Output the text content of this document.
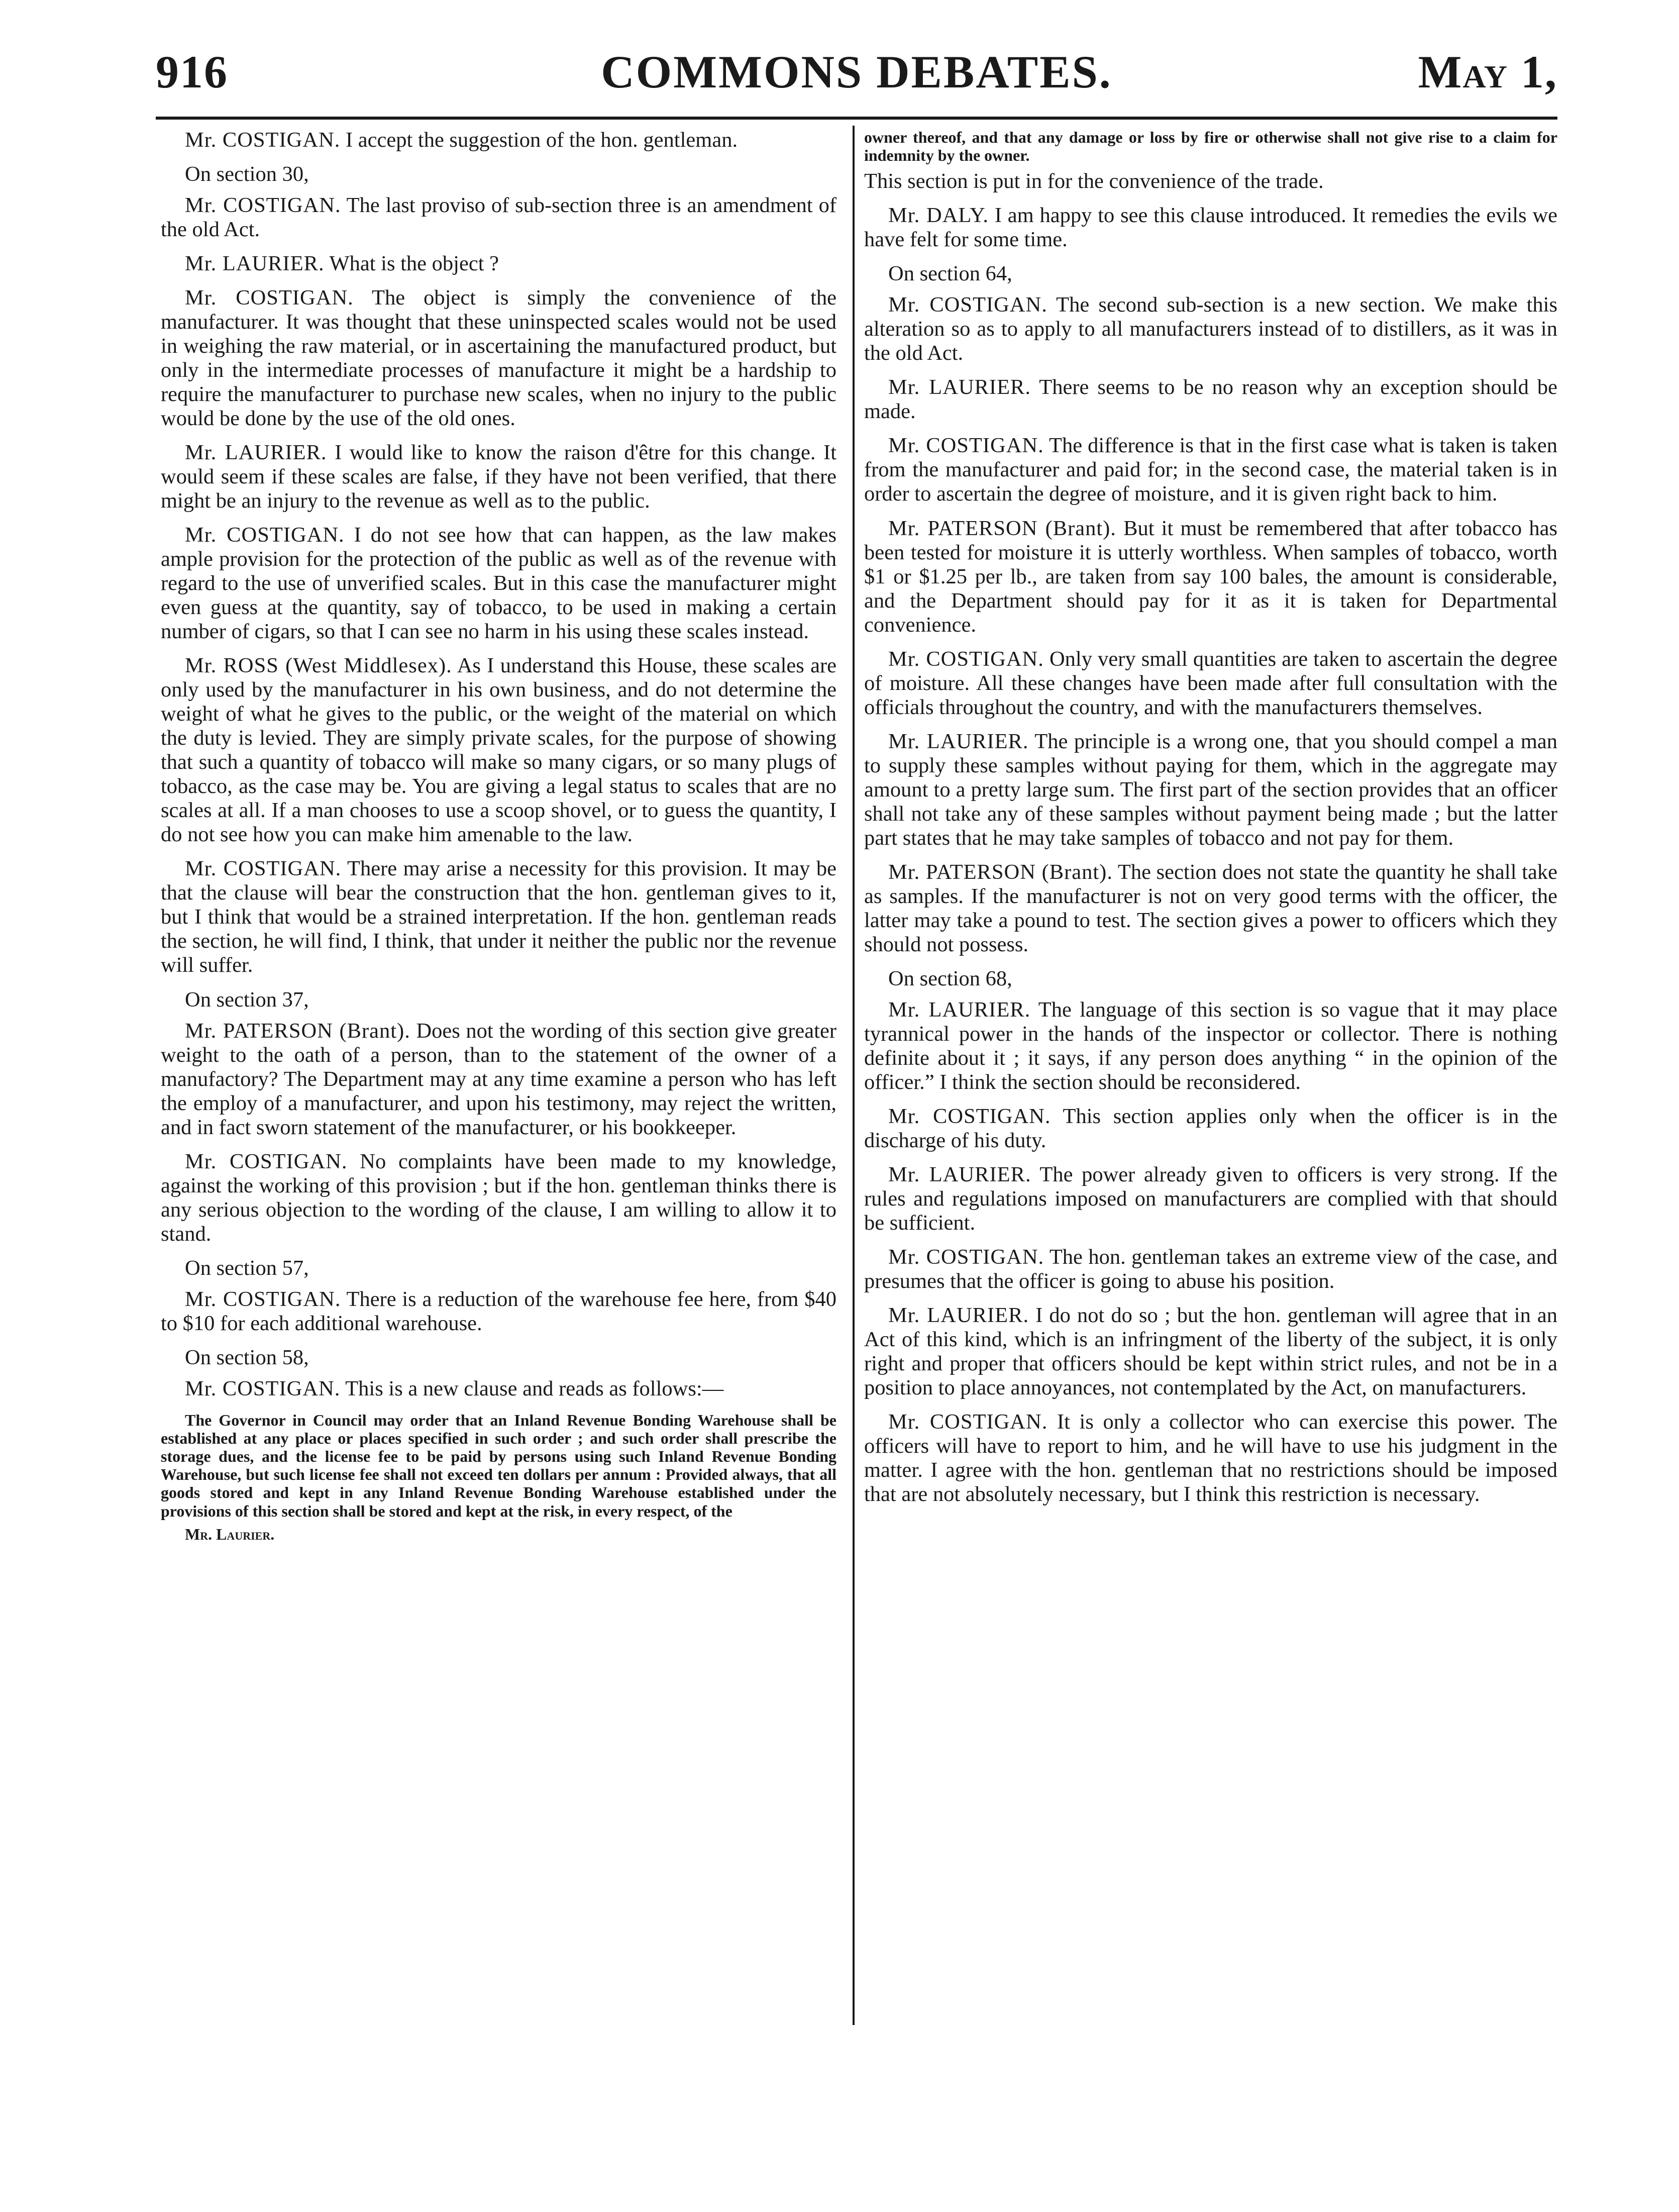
916	COMMONS DEBATES.	May 1,

Mr. COSTIGAN. I accept the suggestion of the hon. gentleman.

On section 30,

Mr. COSTIGAN. The last proviso of sub-section three is an amendment of the old Act.

Mr. LAURIER. What is the object ?

Mr. COSTIGAN. The object is simply the convenience of the manufacturer. It was thought that these uninspected scales would not be used in weighing the raw material, or in ascertaining the manufactured product, but only in the intermediate processes of manufacture it might be a hardship to require the manufacturer to purchase new scales, when no injury to the public would be done by the use of the old ones.

Mr. LAURIER. I would like to know the raison d'être for this change. It would seem if these scales are false, if they have not been verified, that there might be an injury to the revenue as well as to the public.

Mr. COSTIGAN. I do not see how that can happen, as the law makes ample provision for the protection of the public as well as of the revenue with regard to the use of unverified scales. But in this case the manufacturer might even guess at the quantity, say of tobacco, to be used in making a certain number of cigars, so that I can see no harm in his using these scales instead.

Mr. ROSS (West Middlesex). As I understand this House, these scales are only used by the manufacturer in his own business, and do not determine the weight of what he gives to the public, or the weight of the material on which the duty is levied. They are simply private scales, for the purpose of showing that such a quantity of tobacco will make so many cigars, or so many plugs of tobacco, as the case may be. You are giving a legal status to scales that are no scales at all. If a man chooses to use a scoop shovel, or to guess the quantity, I do not see how you can make him amenable to the law.

Mr. COSTIGAN. There may arise a necessity for this provision. It may be that the clause will bear the construction that the hon. gentleman gives to it, but I think that would be a strained interpretation. If the hon. gentleman reads the section, he will find, I think, that under it neither the public nor the revenue will suffer.

On section 37,

Mr. PATERSON (Brant). Does not the wording of this section give greater weight to the oath of a person, than to the statement of the owner of a manufactory? The Department may at any time examine a person who has left the employ of a manufacturer, and upon his testimony, may reject the written, and in fact sworn statement of the manufacturer, or his bookkeeper.

Mr. COSTIGAN. No complaints have been made to my knowledge, against the working of this provision ; but if the hon. gentleman thinks there is any serious objection to the wording of the clause, I am willing to allow it to stand.

On section 57,

Mr. COSTIGAN. There is a reduction of the warehouse fee here, from $40 to $10 for each additional warehouse.

On section 58,

Mr. COSTIGAN. This is a new clause and reads as follows:—

The Governor in Council may order that an Inland Revenue Bonding Warehouse shall be established at any place or places specified in such order ; and such order shall prescribe the storage dues, and the license fee to be paid by persons using such Inland Revenue Bonding Warehouse, but such license fee shall not exceed ten dollars per annum : Provided always, that all goods stored and kept in any Inland Revenue Bonding Warehouse established under the provisions of this section shall be stored and kept at the risk, in every respect, of the

Mr. Laurier.

owner thereof, and that any damage or loss by fire or otherwise shall not give rise to a claim for indemnity by the owner.

This section is put in for the convenience of the trade.

Mr. DALY. I am happy to see this clause introduced. It remedies the evils we have felt for some time.

On section 64,

Mr. COSTIGAN. The second sub-section is a new section. We make this alteration so as to apply to all manufacturers instead of to distillers, as it was in the old Act.

Mr. LAURIER. There seems to be no reason why an exception should be made.

Mr. COSTIGAN. The difference is that in the first case what is taken is taken from the manufacturer and paid for; in the second case, the material taken is in order to ascertain the degree of moisture, and it is given right back to him.

Mr. PATERSON (Brant). But it must be remembered that after tobacco has been tested for moisture it is utterly worthless. When samples of tobacco, worth $1 or $1.25 per lb., are taken from say 100 bales, the amount is considerable, and the Department should pay for it as it is taken for Departmental convenience.

Mr. COSTIGAN. Only very small quantities are taken to ascertain the degree of moisture. All these changes have been made after full consultation with the officials throughout the country, and with the manufacturers themselves.

Mr. LAURIER. The principle is a wrong one, that you should compel a man to supply these samples without paying for them, which in the aggregate may amount to a pretty large sum. The first part of the section provides that an officer shall not take any of these samples without payment being made ; but the latter part states that he may take samples of tobacco and not pay for them.

Mr. PATERSON (Brant). The section does not state the quantity he shall take as samples. If the manufacturer is not on very good terms with the officer, the latter may take a pound to test. The section gives a power to officers which they should not possess.

On section 68,

Mr. LAURIER. The language of this section is so vague that it may place tyrannical power in the hands of the inspector or collector. There is nothing definite about it ; it says, if any person does anything “ in the opinion of the officer.” I think the section should be reconsidered.

Mr. COSTIGAN. This section applies only when the officer is in the discharge of his duty.

Mr. LAURIER. The power already given to officers is very strong. If the rules and regulations imposed on manufacturers are complied with that should be sufficient.

Mr. COSTIGAN. The hon. gentleman takes an extreme view of the case, and presumes that the officer is going to abuse his position.

Mr. LAURIER. I do not do so ; but the hon. gentleman will agree that in an Act of this kind, which is an infringment of the liberty of the subject, it is only right and proper that officers should be kept within strict rules, and not be in a position to place annoyances, not contemplated by the Act, on manufacturers.

Mr. COSTIGAN. It is only a collector who can exercise this power. The officers will have to report to him, and he will have to use his judgment in the matter. I agree with the hon. gentleman that no restrictions should be imposed that are not absolutely necessary, but I think this restriction is necessary.
